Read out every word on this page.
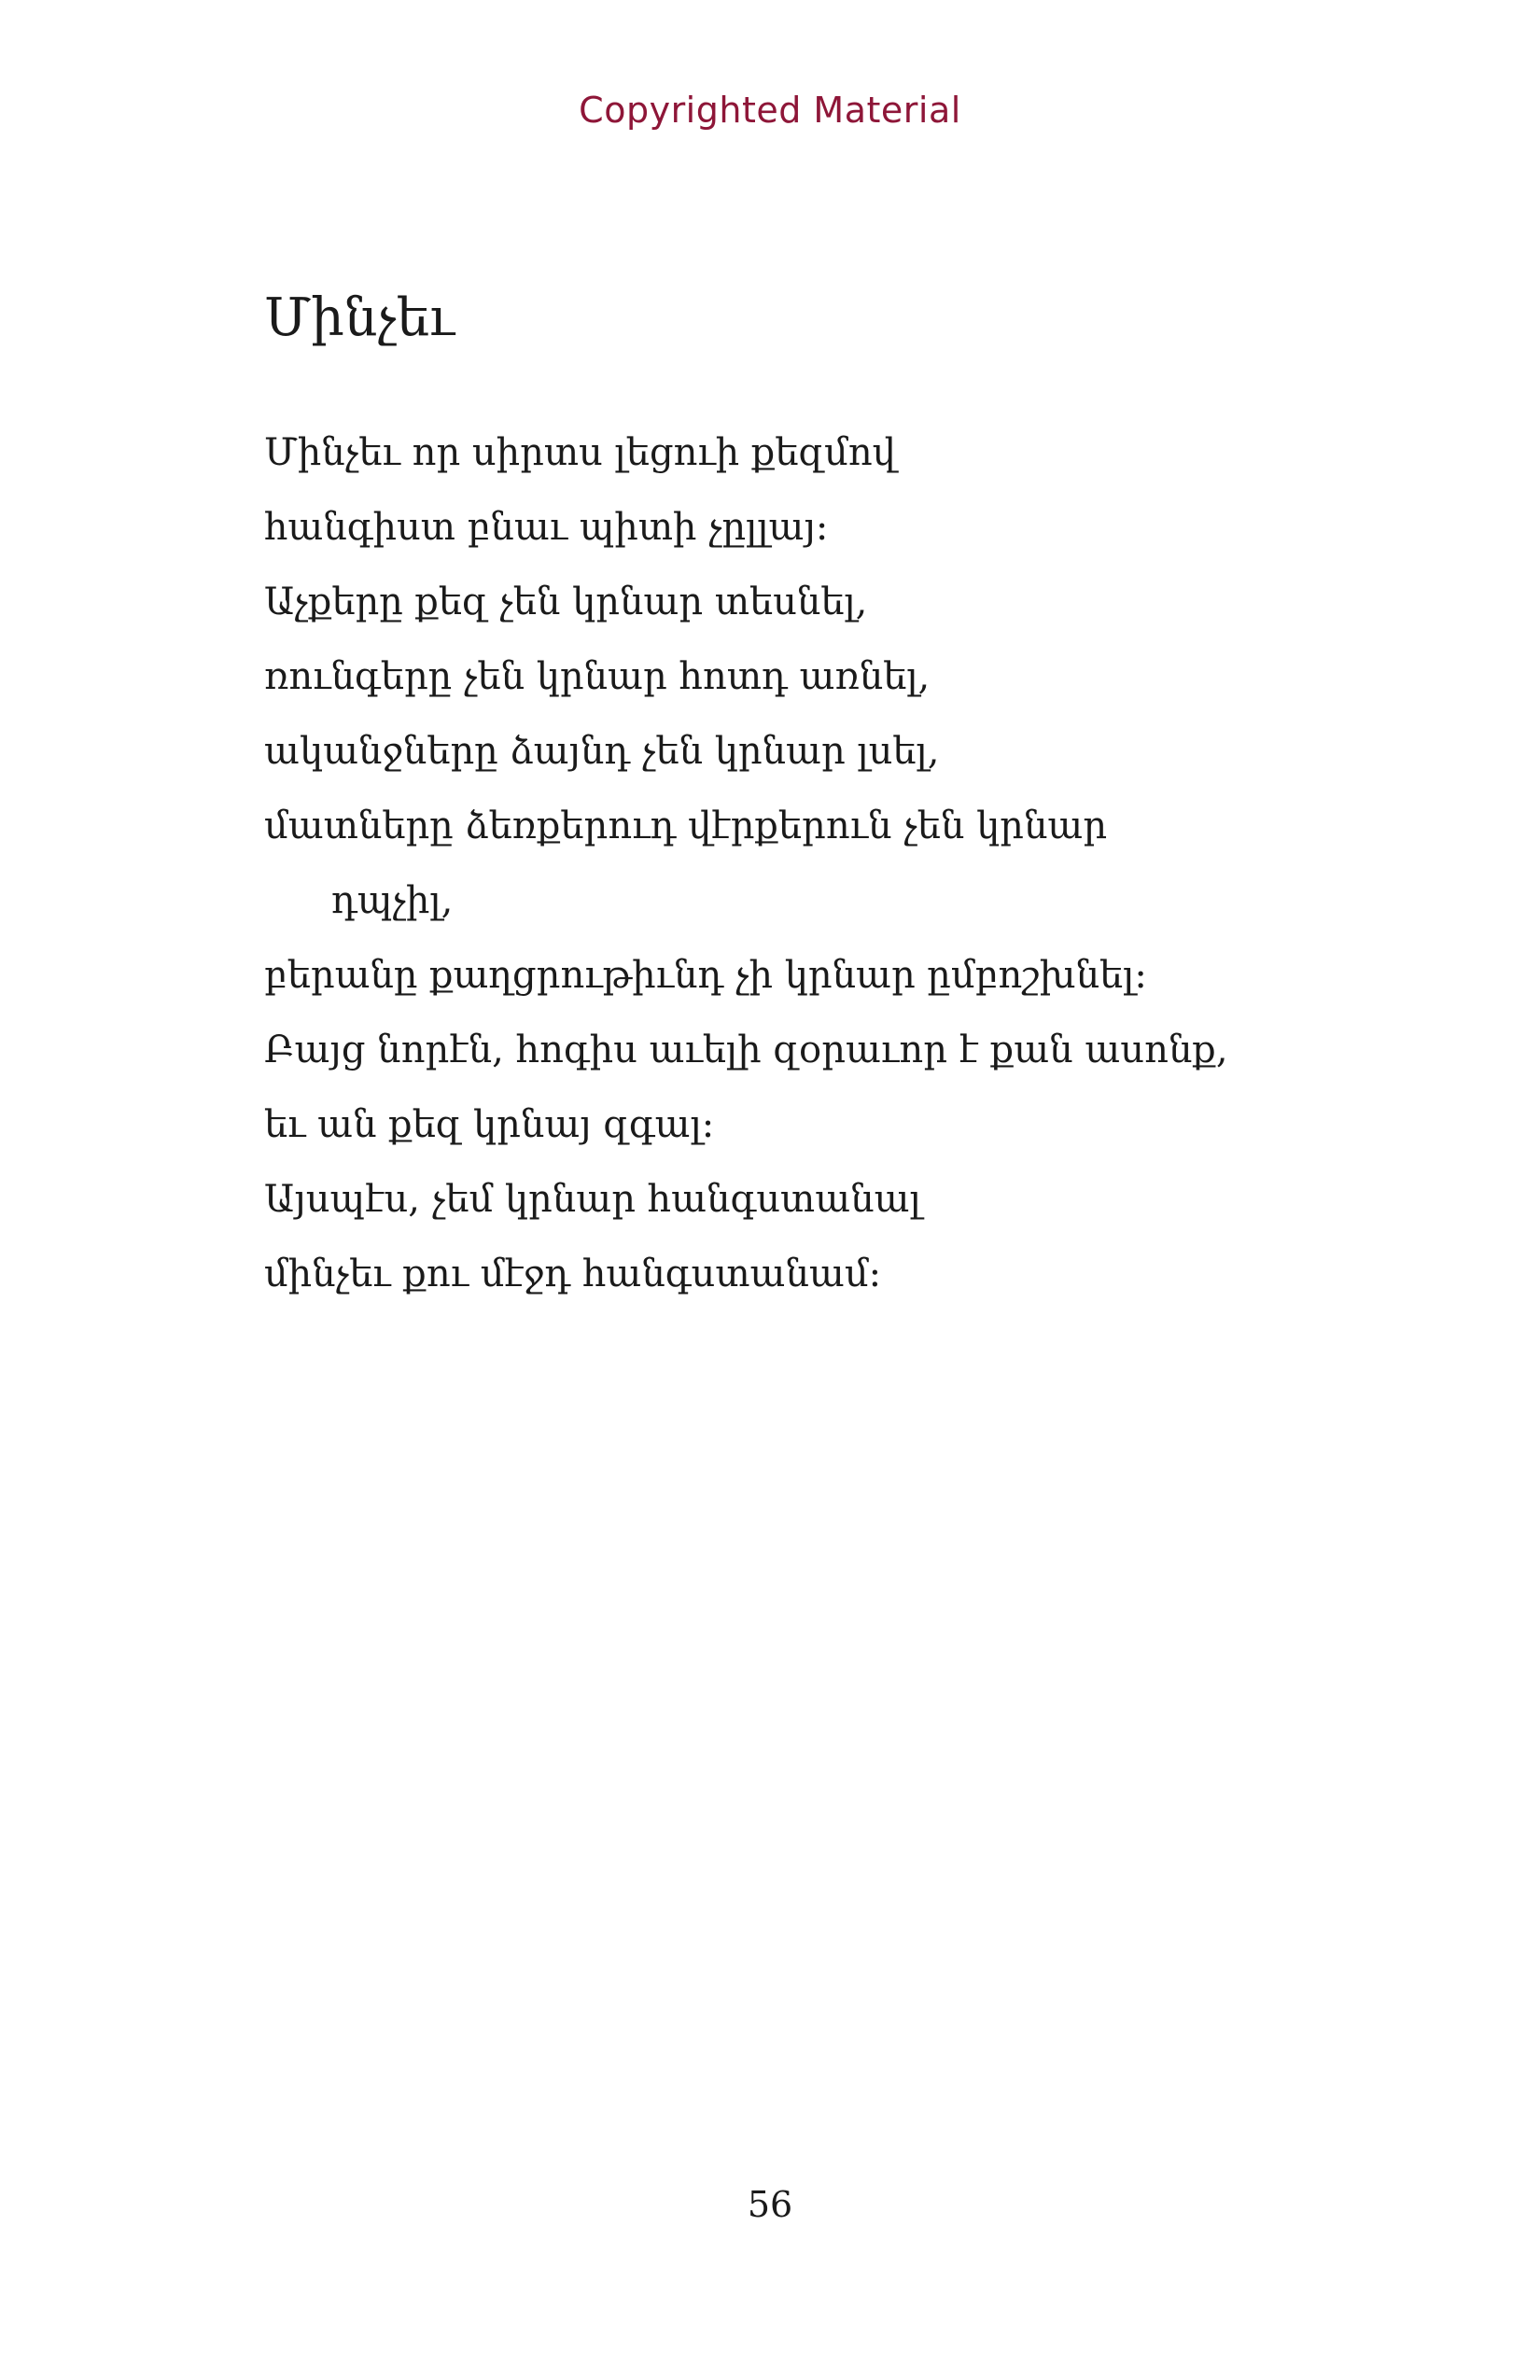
Copyrighted Material
Մինչեւ
Մինչեւ որ սիրտս լեցուի քեզմով
հանգիստ բնաւ պիտի չըլլայ։
Աչքերը քեզ չեն կրնար տեսնել,
ռունգերը չեն կրնար հոտդ առնել,
ականջները ձայնդ չեն կրնար լսել,
մատները ձեռքերուդ վէրքերուն չեն կրնար
դպչիլ,
բերանը քաղցրութիւնդ չի կրնար ըմբոշխնել։
Բայց նորէն, հոգիս աւելի զօրաւոր է քան ասոնք,
եւ ան քեզ կրնայ զգալ։
Այսպէս, չեմ կրնար հանգստանալ
մինչեւ քու մէջդ հանգստանամ։
56
